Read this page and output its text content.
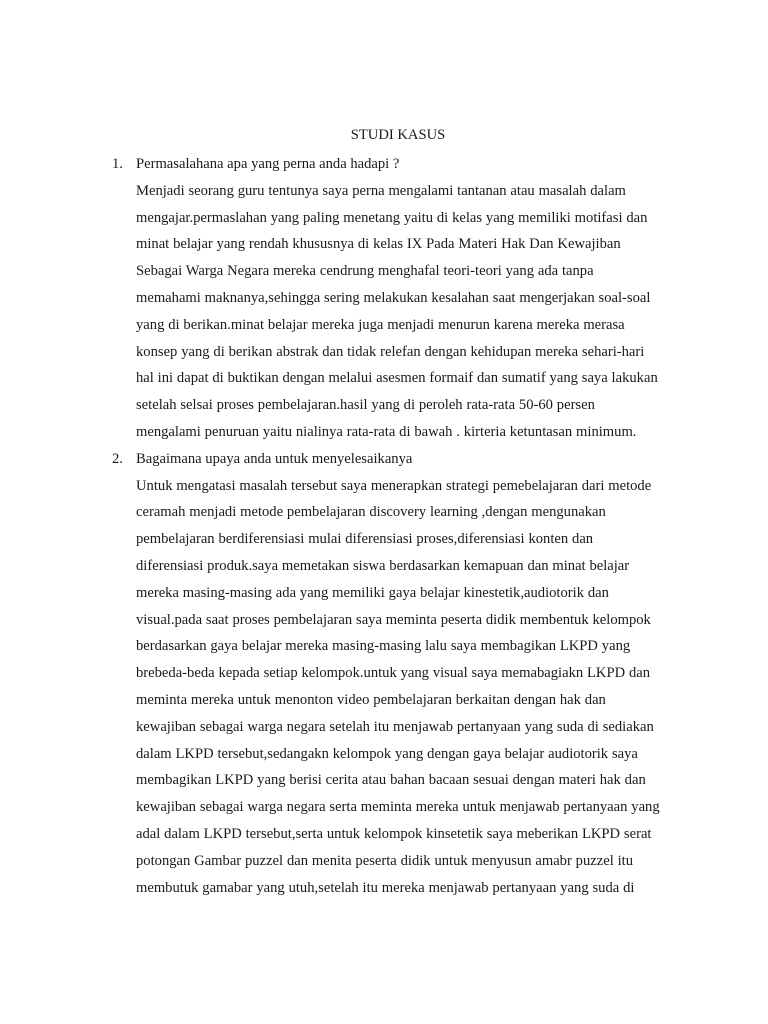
STUDI KASUS
1. Permasalahana apa yang perna anda hadapi ?

Menjadi seorang guru tentunya saya perna mengalami tantanan atau masalah dalam
mengajar.permaslahan yang paling menetang yaitu di kelas yang memiliki motifasi dan
minat belajar yang rendah khususnya di kelas IX Pada Materi Hak Dan Kewajiban
Sebagai Warga Negara mereka cendrung menghafal teori-teori yang ada tanpa
memahami maknanya,sehingga sering melakukan kesalahan saat mengerjakan soal-soal
yang di berikan.minat belajar mereka juga menjadi menurun karena mereka merasa
konsep yang di berikan abstrak dan tidak relefan dengan kehidupan mereka sehari-hari
hal ini dapat di buktikan dengan melalui asesmen formaif dan sumatif yang saya lakukan
setelah selsai proses pembelajaran.hasil yang di peroleh rata-rata 50-60 persen
mengalami penuruan yaitu nialinya rata-rata di bawah . kirteria ketuntasan minimum.

2. Bagaimana upaya anda untuk menyelesaikanya

Untuk mengatasi masalah tersebut saya menerapkan strategi pemebelajaran dari metode
ceramah menjadi metode pembelajaran discovery learning ,dengan mengunakan
pembelajaran berdiferensiasi mulai diferensiasi proses,diferensiasi konten dan
diferensiasi produk.saya memetakan siswa berdasarkan kemapuan dan minat belajar
mereka masing-masing ada yang memiliki gaya belajar kinestetik,audiotorik dan
visual.pada saat proses pembelajaran saya meminta peserta didik membentuk kelompok
berdasarkan gaya belajar mereka masing-masing lalu saya membagikan LKPD yang
brebeda-beda kepada setiap kelompok.untuk yang visual saya memabagiakn LKPD dan
meminta mereka untuk menonton video pembelajaran berkaitan dengan hak dan
kewajiban sebagai warga negara setelah itu menjawab pertanyaan yang suda di sediakan
dalam LKPD tersebut,sedangakn kelompok yang dengan gaya belajar audiotorik saya
membagikan LKPD yang berisi cerita atau bahan bacaan sesuai dengan materi hak dan
kewajiban sebagai warga negara serta meminta mereka untuk menjawab pertanyaan yang
adal dalam LKPD tersebut,serta untuk kelompok kinsetetik saya meberikan LKPD serat
potongan Gambar puzzel dan menita peserta didik untuk menyusun amabr puzzel itu
membutuk gamabar yang utuh,setelah itu mereka menjawab pertanyaan yang suda di
